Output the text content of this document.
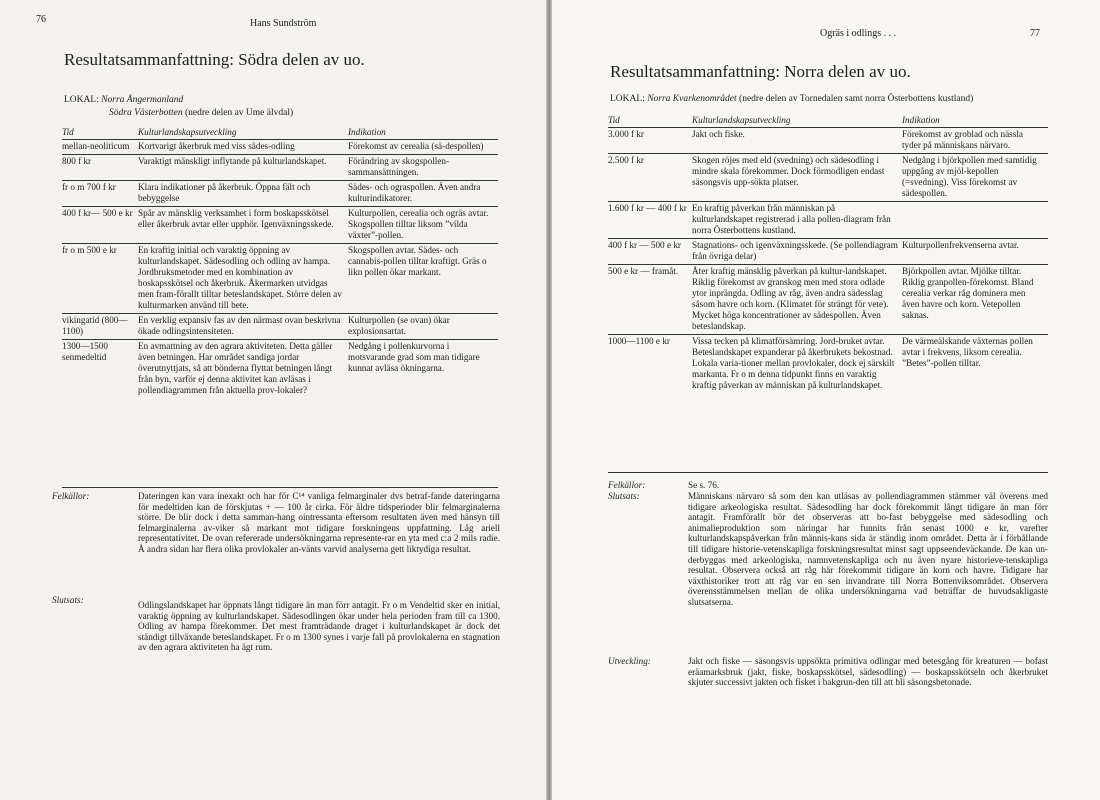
76	Hans Sundström
Resultatsammanfattning: Södra delen av uo.
LOKAL: Norra Ångermanland
Södra Västerbotten (nedre delen av Ume älvdal)
Tid	Kulturlandskapsutveckling	Indikation
mellan-neoliticum	Kortvarigt åkerbruk med viss sädes-odling	Förekomst av cerealia (sä-despollen)
800 f kr	Varaktigt mänskligt inflytande på kulturlandskapet.	Förändring av skogspollen-sammansättningen.
fr o m 700 f kr	Klara indikationer på åkerbruk. Öppna fält och bebyggelse	Sädes- och ograspollen. Även andra kulturindikatorer.
400 f kr— 500 e kr	Spår av mänsklig verksamhet i form boskapsskötsel eller åkerbruk avtar eller upphör. Igenväxningsskede.	Kulturpollen, cerealia och ogräs avtar. Skogspollen tilltar liksom ”vilda växter”-pollen.
fr o m 500 e kr	En kraftig initial och varaktig öppning av kulturlandskapet. Sädesodling och odling av hampa. Jordbruksmetoder med en kombination av boskapsskötsel och åkerbruk. Åkermarken utvidgas men fram-förallt tilltar beteslandskapet. Större delen av kulturmarken använd till bete.	Skogspollen avtar. Sädes- och cannabis-pollen tilltar kraftigt. Gräs o likn pollen ökar markant.
vikingatid (800—1100)	En verklig expansiv fas av den närmast ovan beskrivna ökade odlingsintensiteten.	Kulturpollen (se ovan) ökar explosionsartat.
1300—1500 senmedeltid	En avmattning av den agrara aktiviteten. Detta gäller även betningen. Har området sandiga jordar överutnyttjats, så att bönderna flyttat betningen långt från byn, varför ej denna aktivitet kan avläsas i pollendiagrammen från aktuella prov-lokaler?	Nedgång i pollenkurvorna i motsvarande grad som man tidigare kunnat avläsa ökningarna.
Felkällor:	Dateringen kan vara inexakt och har för C¹⁴ vanliga felmarginaler dvs betraf-fande dateringarna för medeltiden kan de förskjutas + — 100 år cirka. För äldre tidsperioder blir felmarginalerna större. De blir dock i detta samman-hang ointressanta eftersom resultaten även med hänsyn till felmarginalerna av-viker så markant mot tidigare forskningens uppfattning. Låg ariell representativitet. De ovan refererade undersökningarna represente-rar en yta med c:a 2 mils radie. Å andra sidan har flera olika provlokaler an-vänts varvid analyserna gett liktydiga resultat.
Slutsats:	Odlingslandskapet har öppnats långt tidigare än man förr antagit. Fr o m Vendeltid sker en initial, varaktig öppning av kulturlandskapet. Sädesodlingen ökar under hela perioden fram till ca 1300. Odling av hampa förekommer. Det mest framträdande draget i kulturlandskapet är dock det ständigt tillväxande beteslandskapet. Fr o m 1300 synes i varje fall på provlokalerna en stagnation av den agrara aktiviteten ha ägt rum.
Ogräs i odlings . . .	77
Resultatsammanfattning: Norra delen av uo.
LOKAL: Norra Kvarkenområdet (nedre delen av Tornedalen samt norra Österbottens kustland)
Tid	Kulturlandskapsutveckling	Indikation
3.000 f kr	Jakt och fiske.	Förekomst av groblad och nässla tyder på människans närvaro.
2.500 f kr	Skogen röjes med eld (svedning) och sädesodling i mindre skala förekommer. Dock förmodligen endast säsongsvis upp-sökta platser.	Nedgång i björkpollen med samtidig uppgång av mjöl-kepollen (=svedning). Viss förekomst av sädespollen.
1.600 f kr — 400 f kr	En kraftig påverkan från människan på kulturlandskapet registrerad i alla pollen-diagram från norra Österbottens kustland.	
400 f kr — 500 e kr	Stagnations- och igenväxningsskede. (Se pollendiagram från övriga delar)	Kulturpollenfrekvenserna avtar.
500 e kr — framåt.	Åter kraftig mänsklig påverkan på kultur-landskapet. Riklig förekomst av granskog men med stora odlade ytor inprängda. Odling av råg, även andra sädesslag såsom havre och korn. (Klimatet för strängt för vete). Mycket höga koncentrationer av sädespollen. Även beteslandskap.	Björkpollen avtar. Mjölke tilltar. Riklig granpollen-förekomst. Bland cerealia verkar råg dominera men även havre och korn. Vetepollen saknas.
1000—1100 e kr	Vissa tecken på klimatförsämring. Jord-bruket avtar. Beteslandskapet expanderar på åkerbrukets bekostnad. Lokala varia-tioner mellan provlokaler, dock ej särskilt markanta. Fr o m denna tidpunkt finns en varaktig kraftig påverkan av människan på kulturlandskapet.	De värmeälskande växternas pollen avtar i frekvens, liksom cerealia. ”Betes”-pollen tilltar.
Felkällor:	Se s. 76.
Slutsats:	Människans närvaro så som den kan utläsas av pollendiagrammen stämmer väl överens med tidigare arkeologiska resultat. Sädesodling har dock förekommit långt tidigare än man förr antagit. Framförallt bör det observeras att bo-fast bebyggelse med sädesodling och animalieproduktion som näringar har funnits från senast 1000 e kr, varefter kulturlandskapspåverkan från männis-kans sida är ständig inom området. Detta är i förhållande till tidigare historie-vetenskapliga forskningsresultat minst sagt uppseendeväckande. De kan un-derbyggas med arkeologiska, namnvetenskapliga och nu även nyare historieve-tenskapliga resultat. Observera också att råg här förekommit tidigare än korn och havre. Tidigare har växthistoriker trott att råg var en sen invandrare till Norra Bottenviksområdet. Observera överensstämmelsen mellan de olika undersökningarna vad beträffar de huvudsakligaste slutsatserna.
Utveckling:	Jakt och fiske — säsongsvis uppsökta primitiva odlingar med betesgång för kreaturen — bofast eräamarksbruk (jakt, fiske, boskapsskötsel, sädesodling) — boskapsskötseln och åkerbruket skjuter successivt jakten och fisket i bakgrun-den till att bli säsongsbetonade.
